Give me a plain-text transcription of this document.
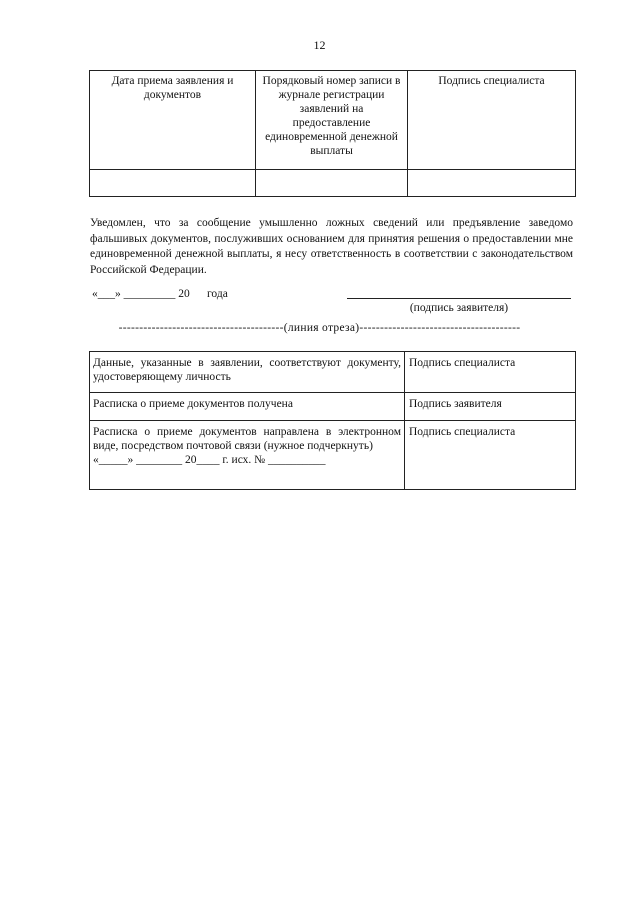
12
Дата приема заявления и документов	Порядковый номер записи в журнале регистрации заявлений на предоставление единовременной денежной выплаты	Подпись специалиста

Уведомлен, что за сообщение умышленно ложных сведений или предъявление заведомо фальшивых документов, послуживших основанием для принятия решения о предоставлении мне единовременной денежной выплаты, я несу ответственность в соответствии с законодательством Российской Федерации.
«___» _________ 20      года
(подпись заявителя)
----------------------------------------(линия отреза)---------------------------------------
Данные, указанные в заявлении, соответствуют документу, удостоверяющему личность	Подпись специалиста
Расписка о приеме документов получена	Подпись заявителя

Расписка о приеме документов направлена в электронном виде, посредством почтовой связи (нужное подчеркнуть)
«_____» ________ 20____ г. исх. № __________	Подпись специалиста
